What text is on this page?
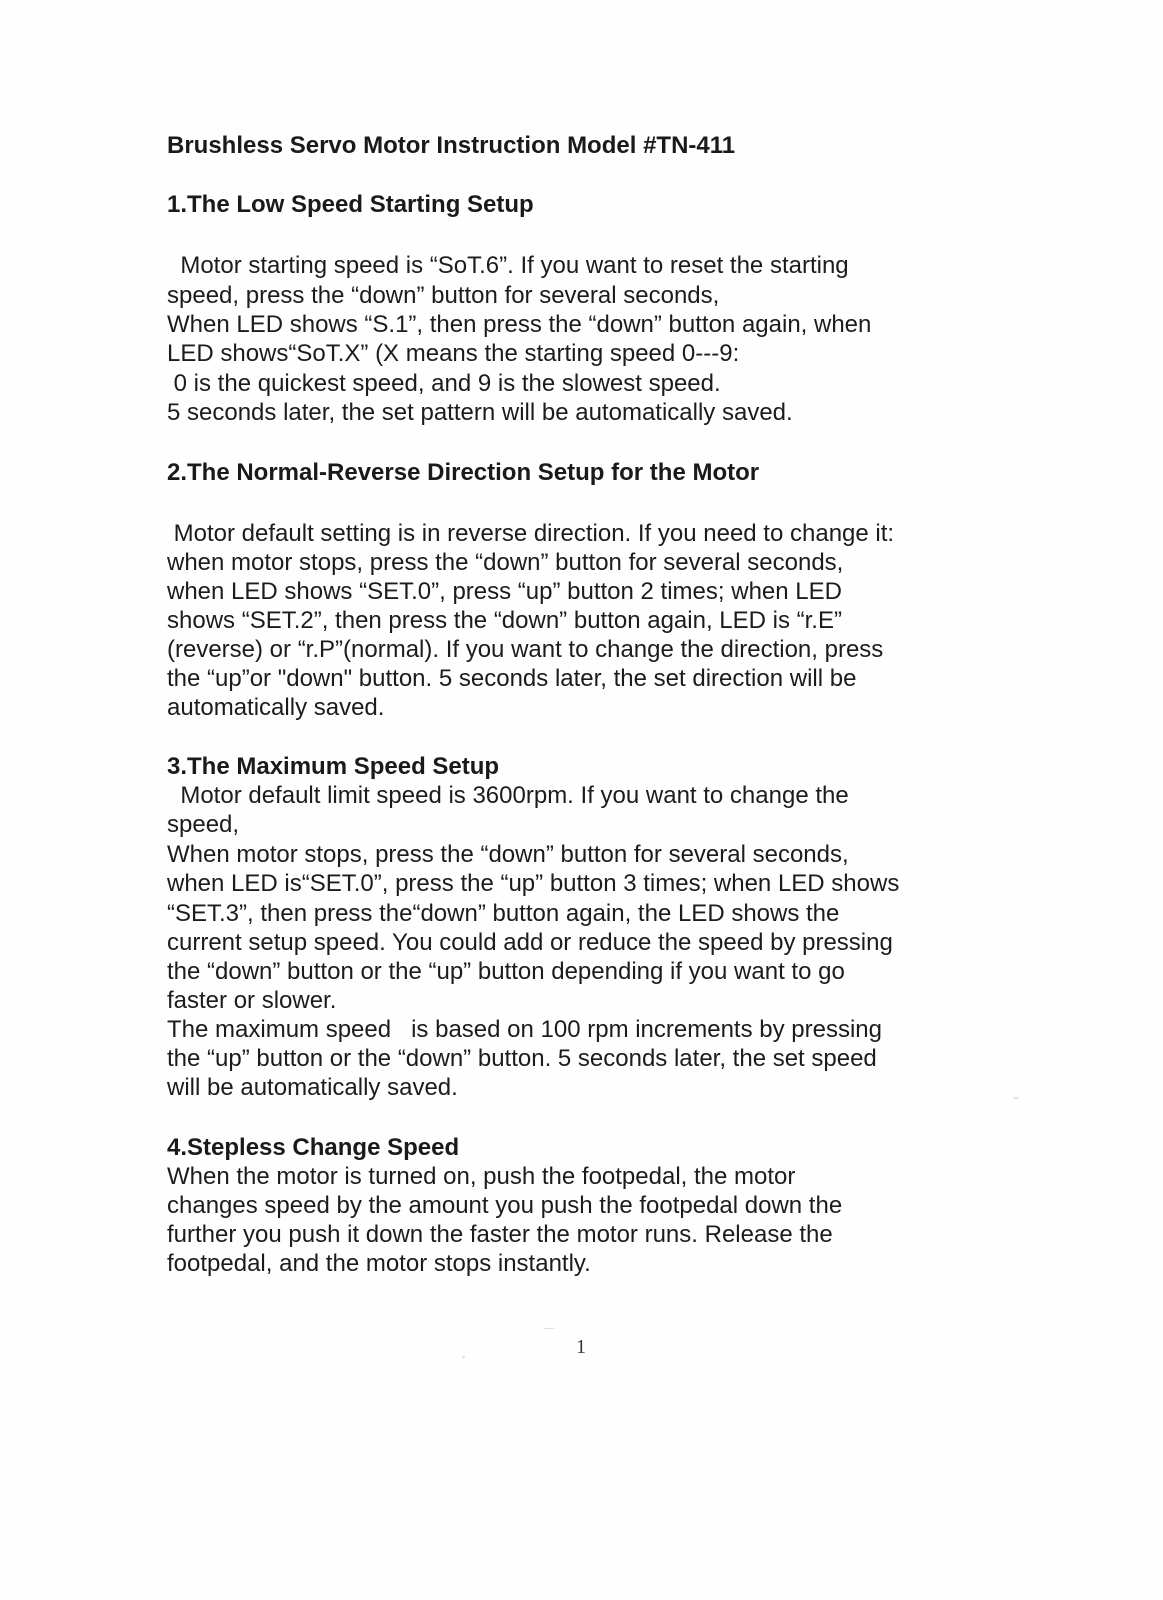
Brushless Servo Motor Instruction Model #TN-411
1.The Low Speed Starting Setup
Motor starting speed is “SoT.6”. If you want to reset the starting
speed, press the “down” button for several seconds,
When LED shows “S.1”, then press the “down” button again, when
LED shows“SoT.X” (X means the starting speed 0---9:
0 is the quickest speed, and 9 is the slowest speed.
5 seconds later, the set pattern will be automatically saved.
2.The Normal-Reverse Direction Setup for the Motor
Motor default setting is in reverse direction. If you need to change it:
when motor stops, press the “down” button for several seconds,
when LED shows “SET.0”, press “up” button 2 times; when LED
shows “SET.2”, then press the “down” button again, LED is “r.E”
(reverse) or “r.P”(normal). If you want to change the direction, press
the “up”or "down" button. 5 seconds later, the set direction will be
automatically saved.
3.The Maximum Speed Setup
Motor default limit speed is 3600rpm. If you want to change the
speed,
When motor stops, press the “down” button for several seconds,
when LED is“SET.0”, press the “up” button 3 times; when LED shows
“SET.3”, then press the“down” button again, the LED shows the
current setup speed. You could add or reduce the speed by pressing
the “down” button or the “up” button depending if you want to go
faster or slower.
The maximum speed   is based on 100 rpm increments by pressing
the “up” button or the “down” button. 5 seconds later, the set speed
will be automatically saved.
4.Stepless Change Speed
When the motor is turned on, push the footpedal, the motor
changes speed by the amount you push the footpedal down the
further you push it down the faster the motor runs. Release the
footpedal, and the motor stops instantly.
1
